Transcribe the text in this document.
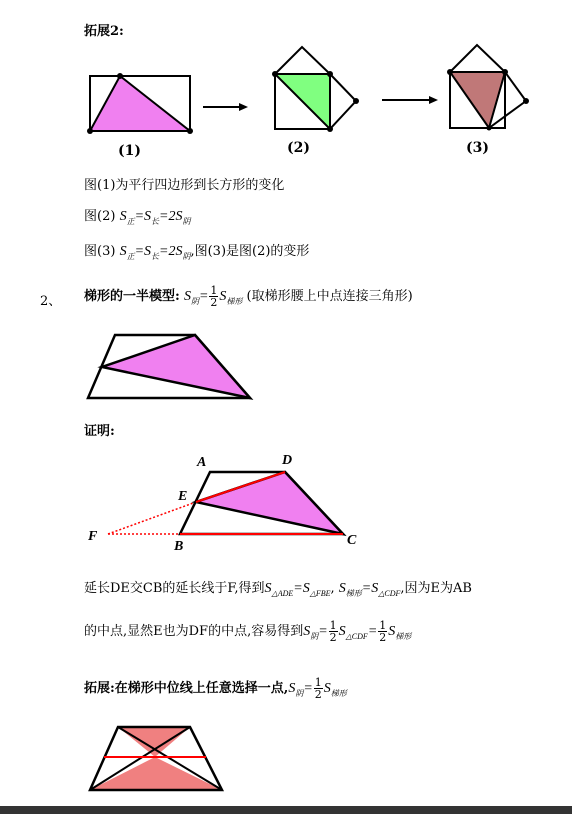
拓展2:
(1)	(2)	(3)
图(1)为平行四边形到长方形的变化
图(2) $S_正=S_长=2S_阴$
图(3) $S_正=S_长=2S_阴$,图(3)是图(2)的变形
2、 梯形的一半模型: $S_阴= \frac{1}{2} S_{梯形}$ (取梯形腰上中点连接三角形)
证明:
A	D
E
F
B	C
延长DE交CB的延长线于F,得到$S_{\triangle ADE}=S_{\triangle FBE}$, $S_{梯形}=S_{\triangle CDF}$,因为E为AB
的中点,显然E也为DF的中点,容易得到$S_阴= \frac{1}{2} S_{\triangle CDF}= \frac{1}{2} S_{梯形}$
拓展:在梯形中位线上任意选择一点$,S_阴= \frac{1}{2} S_{梯形}$
